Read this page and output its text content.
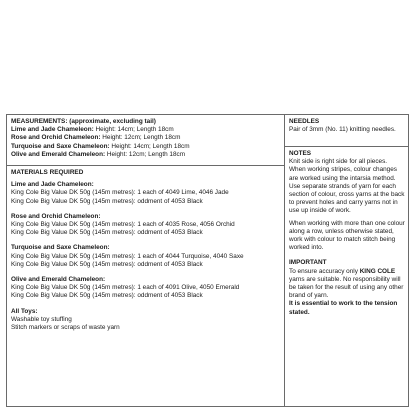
MEASUREMENTS: (approximate, excluding tail)

Lime and Jade Chameleon: Height: 14cm; Length 18cm

Rose and Orchid Chameleon: Height: 12cm; Length 18cm

Turquoise and Saxe Chameleon: Height: 14cm; Length 18cm

Olive and Emerald Chameleon: Height: 12cm; Length 18cm

MATERIALS REQUIRED

Lime and Jade Chameleon:

King Cole Big Value DK 50g (145m metres): 1 each of 4049 Lime, 4046 Jade

King Cole Big Value DK 50g (145m metres): oddment of 4053 Black

Rose and Orchid Chameleon:

King Cole Big Value DK 50g (145m metres): 1 each of 4035 Rose, 4056 Orchid

King Cole Big Value DK 50g (145m metres): oddment of 4053 Black

Turquoise and Saxe Chameleon:

King Cole Big Value DK 50g (145m metres): 1 each of 4044 Turquoise, 4040 Saxe

King Cole Big Value DK 50g (145m metres): oddment of 4053 Black

Olive and Emerald Chameleon:

King Cole Big Value DK 50g (145m metres): 1 each of 4091 Olive, 4050 Emerald

King Cole Big Value DK 50g (145m metres): oddment of 4053 Black

All Toys:

Washable toy stuffing

Stitch markers or scraps of waste yarn

NEEDLES

Pair of 3mm (No. 11) knitting needles.

NOTES

Knit side is right side for all pieces.

When working stripes, colour changes are worked using the intarsia method. Use separate strands of yarn for each section of colour, cross yarns at the back to prevent holes and carry yarns not in use up inside of work.

When working with more than one colour along a row, unless otherwise stated, work with colour to match stitch being worked into.

IMPORTANT

To ensure accuracy only KING COLE yarns are suitable. No responsibility will be taken for the result of using any other brand of yarn.

It is essential to work to the tension stated.
